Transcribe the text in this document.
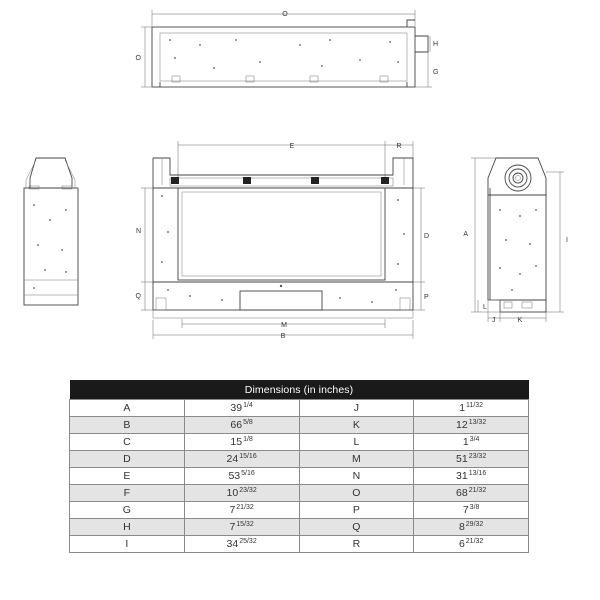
O
O
H
G
E	R
N
Q
D
P
M
B
A
I
L
J	K
Dimensions (in inches)			
A	$39^{1/4}$	J	$1^{11/32}$
B	$66^{5/8}$	K	$12^{13/32}$
C	$15^{1/8}$	L	$1^{3/4}$
D	$24^{15/16}$	M	$51^{23/32}$
E	$53^{5/16}$	N	$31^{13/16}$
F	$10^{23/32}$	O	$68^{21/32}$
G	$7^{21/32}$	P	$7^{3/8}$
H	$7^{15/32}$	Q	$8^{29/32}$
I	$34^{25/32}$	R	$6^{21/32}$
